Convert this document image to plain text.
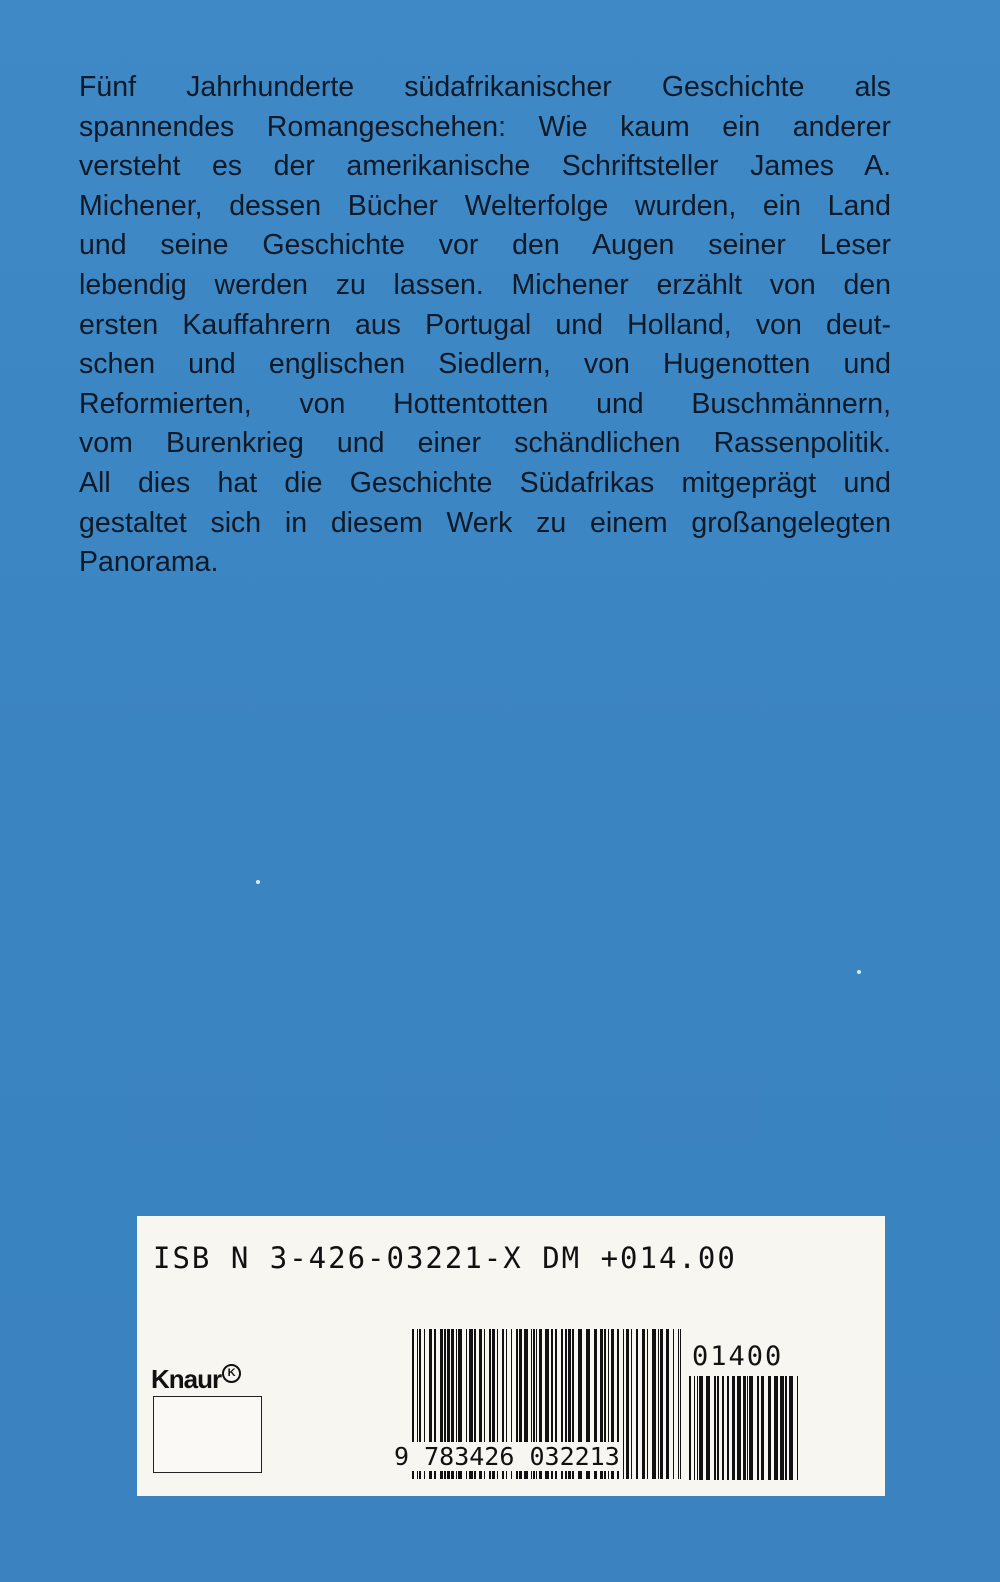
Fünf Jahrhunderte südafrikanischer Geschichte als
spannendes Romangeschehen: Wie kaum ein anderer
versteht es der amerikanische Schriftsteller James A.
Michener, dessen Bücher Welterfolge wurden, ein Land
und seine Geschichte vor den Augen seiner Leser
lebendig werden zu lassen. Michener erzählt von den
ersten Kauffahrern aus Portugal und Holland, von deut-
schen und englischen Siedlern, von Hugenotten und
Reformierten, von Hottentotten und Buschmännern,
vom Burenkrieg und einer schändlichen Rassenpolitik.
All dies hat die Geschichte Südafrikas mitgeprägt und
gestaltet sich in diesem Werk zu einem großangelegten
Panorama.
ISB N 3-426-03221-X DM +014.00
Knaur K
01400
9 783426 032213
